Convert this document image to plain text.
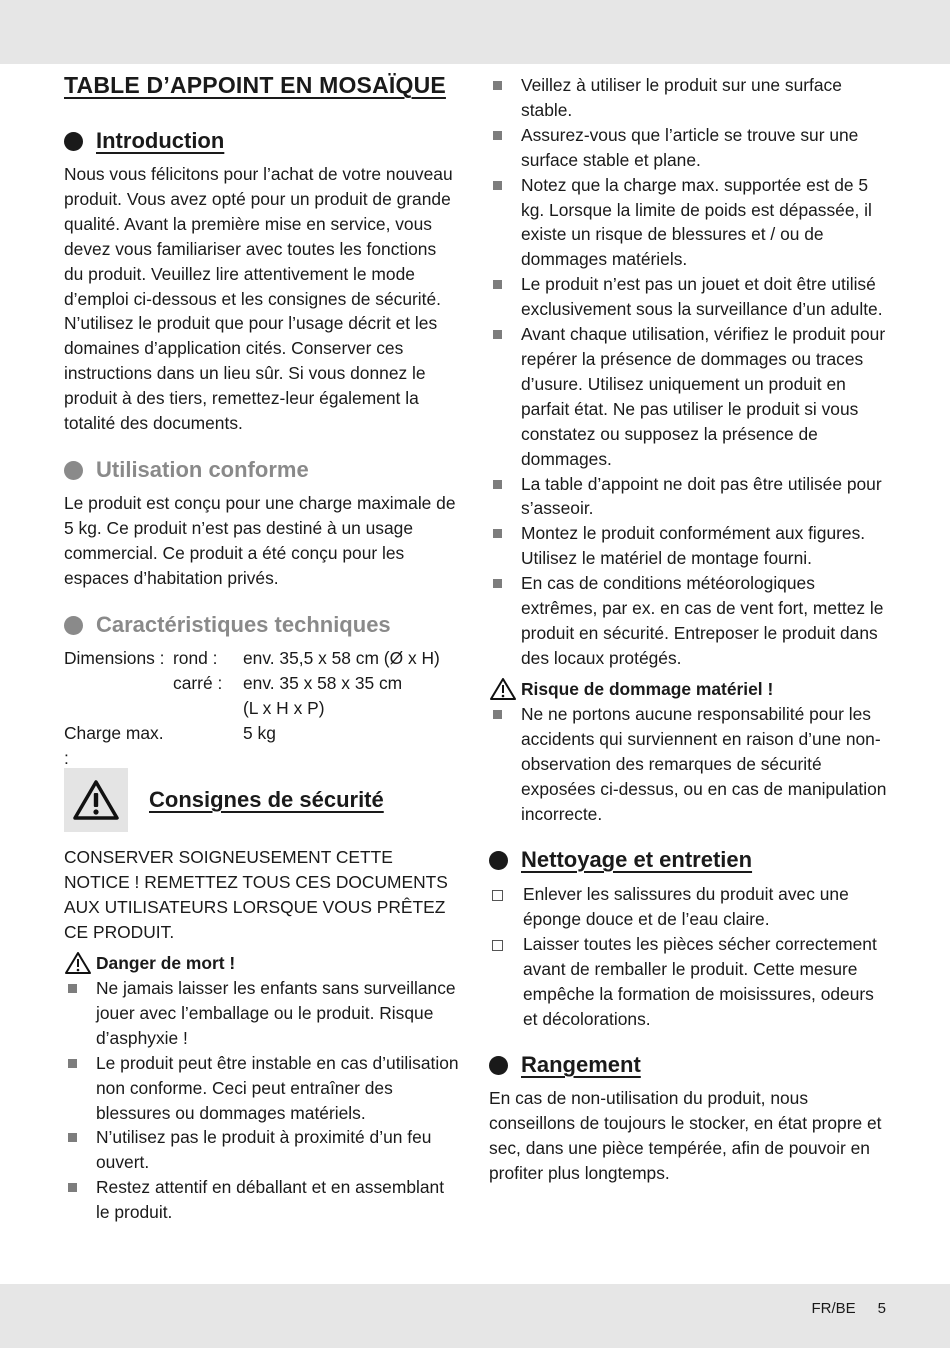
TABLE D’APPOINT EN MOSAÏQUE
Introduction

Nous vous félicitons pour l’achat de votre nouveau produit. Vous avez opté pour un produit de grande qualité. Avant la première mise en service, vous devez vous familiariser avec toutes les fonctions du produit. Veuillez lire attentivement le mode d’emploi ci-dessous et les consignes de sécurité. N’utilisez le produit que pour l’usage décrit et les domaines d’application cités. Conserver ces instructions dans un lieu sûr. Si vous donnez le produit à des tiers, remettez-leur également la totalité des documents.

Utilisation conforme

Le produit est conçu pour une charge maximale de 5 kg. Ce produit n’est pas destiné à un usage commercial. Ce produit a été conçu pour les espaces d’habitation privés.

Caractéristiques techniques
Dimensions : rond :	env. 35,5 x 58 cm (Ø x H)
carré :	env. 35 x 58 x 35 cm
(L x H x P)
Charge max. :
5 kg
Consignes de sécurité

CONSERVER SOIGNEUSEMENT CETTE NOTICE ! REMETTEZ TOUS CES DOCUMENTS AUX UTILISATEURS LORSQUE VOUS PRÊTEZ CE PRODUIT.

Danger de mort !
Ne jamais laisser les enfants sans surveillance jouer avec l’emballage ou le produit. Risque d’asphyxie !
Le produit peut être instable en cas d’utilisation non conforme. Ceci peut entraîner des blessures ou dommages matériels.
N’utilisez pas le produit à proximité d’un feu ouvert.
Restez attentif en déballant et en assemblant le produit.
Veillez à utiliser le produit sur une surface stable.
Assurez-vous que l’article se trouve sur une surface stable et plane.
Notez que la charge max. supportée est de 5 kg. Lorsque la limite de poids est dépassée, il existe un risque de blessures et / ou de dommages matériels.
Le produit n’est pas un jouet et doit être utilisé exclusivement sous la surveillance d’un adulte.
Avant chaque utilisation, vérifiez le produit pour repérer la présence de dommages ou traces d’usure. Utilisez uniquement un produit en parfait état. Ne pas utiliser le produit si vous constatez ou supposez la présence de dommages.
La table d’appoint ne doit pas être utilisée pour s’asseoir.
Montez le produit conformément aux figures. Utilisez le matériel de montage fourni.
En cas de conditions météorologiques extrêmes, par ex. en cas de vent fort, mettez le produit en sécurité. Entreposer le produit dans des locaux protégés.
Risque de dommage matériel !
Ne ne portons aucune responsabilité pour les accidents qui surviennent en raison d’une non-observation des remarques de sécurité exposées ci-dessus, ou en cas de manipulation incorrecte.
Nettoyage et entretien
Enlever les salissures du produit avec une éponge douce et de l’eau claire.
Laisser toutes les pièces sécher correctement avant de remballer le produit. Cette mesure empêche la formation de moisissures, odeurs et décolorations.
Rangement

En cas de non-utilisation du produit, nous conseillons de toujours le stocker, en état propre et sec, dans une pièce tempérée, afin de pouvoir en profiter plus longtemps.

FR/BE 5
